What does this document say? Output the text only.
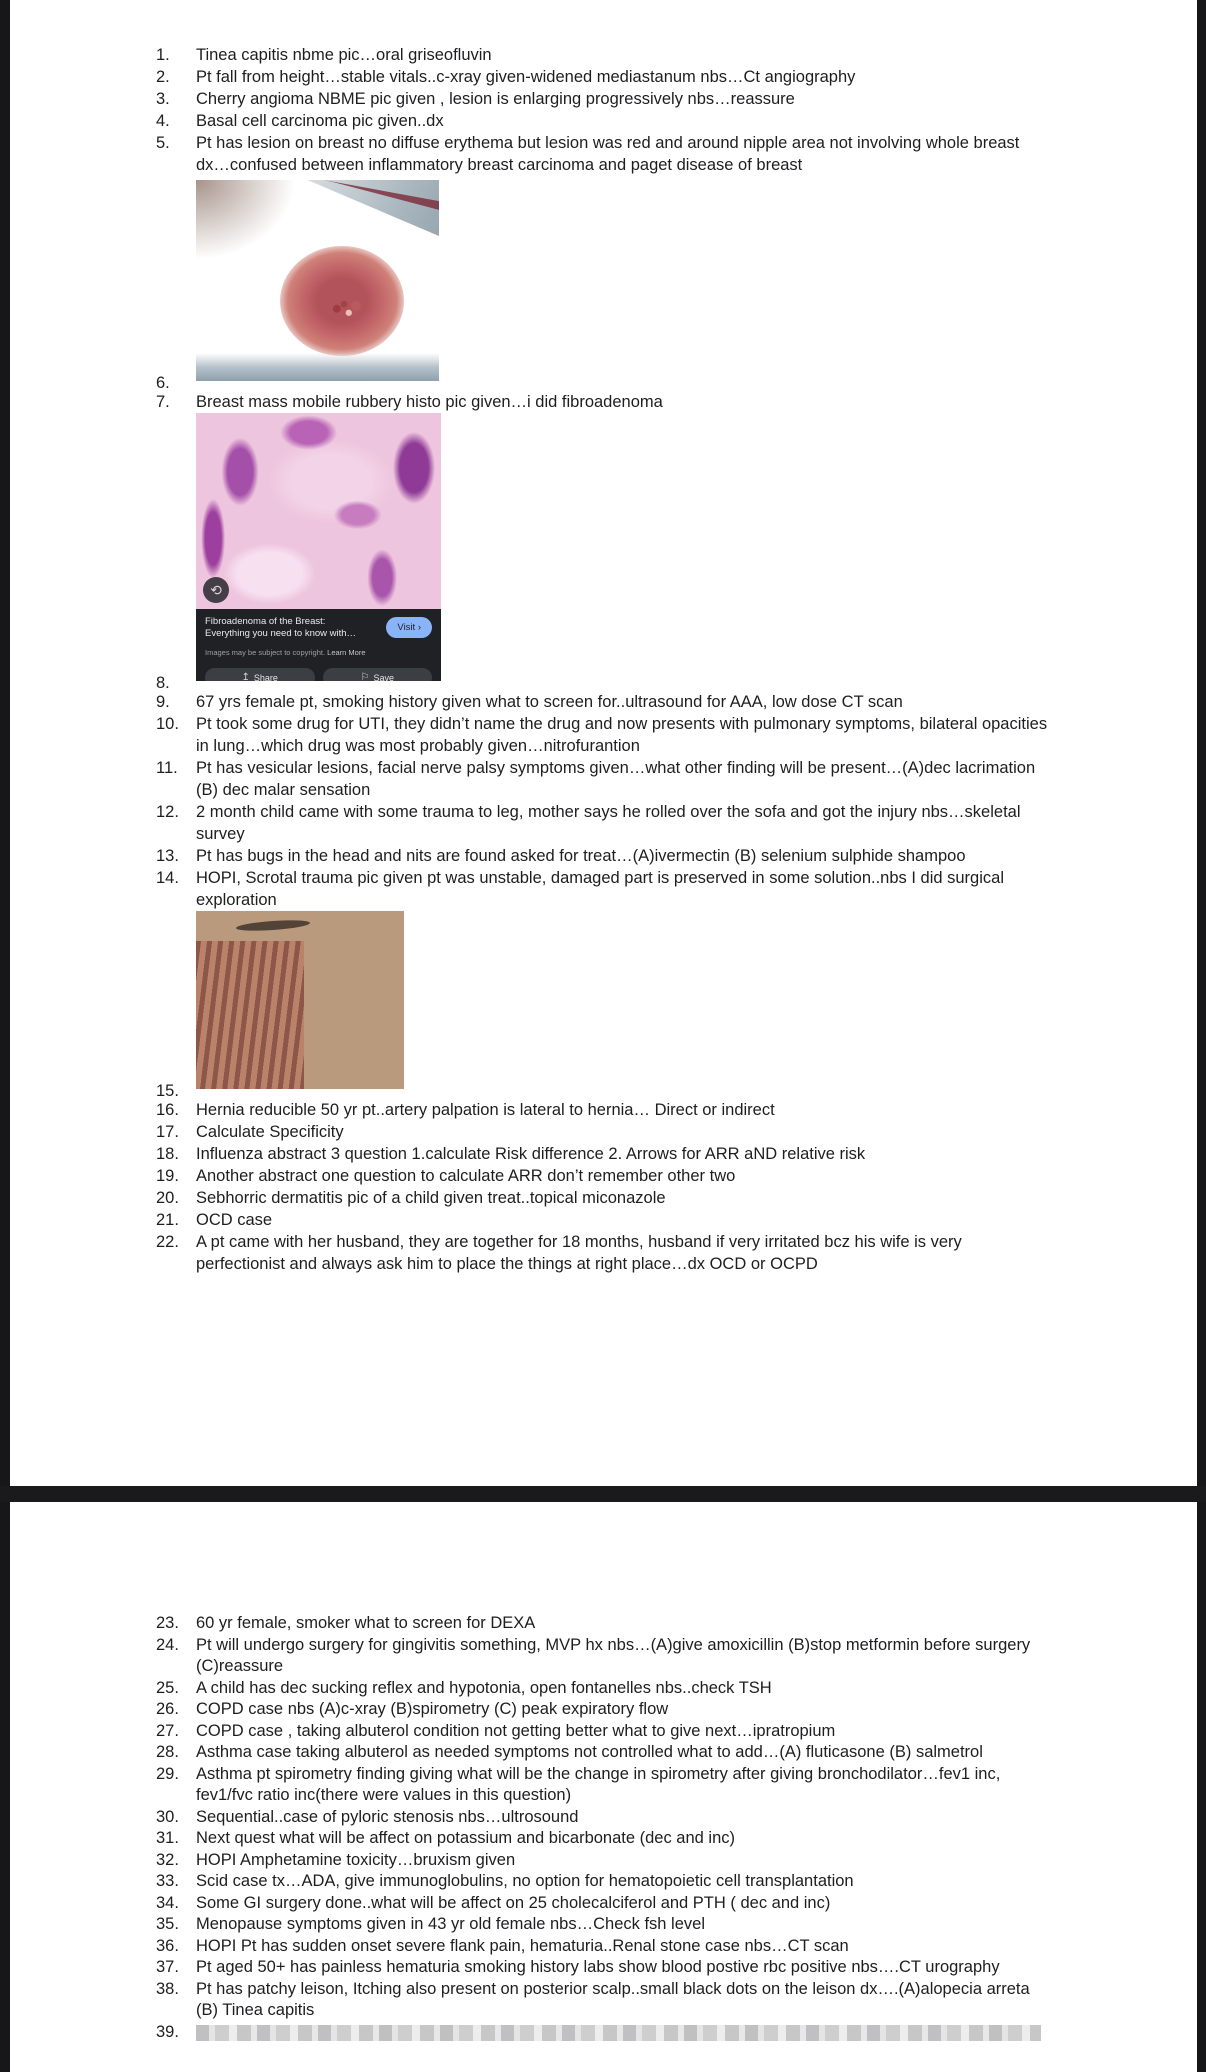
1.	Tinea capitis nbme pic…oral griseofluvin
2.	Pt fall from height…stable vitals..c-xray given-widened mediastanum nbs…Ct angiography
3.	Cherry angioma NBME pic given , lesion is enlarging progressively nbs…reassure
4.	Basal cell carcinoma pic given..dx
5.	Pt has lesion on breast no diffuse erythema but lesion was red and around nipple area not involving whole breast dx…confused between inflammatory breast carcinoma and paget disease of breast
6.
7.	Breast mass mobile rubbery histo pic given…i did fibroadenoma
8.
⟲
Fibroadenoma of the Breast:
Everything you need to know with…
Visit ›
Images may be subject to copyright. Learn More
↥ Share	⚐ Save
9.	67 yrs female pt, smoking history given what to screen for..ultrasound for AAA, low dose CT scan
10.	Pt took some drug for UTI, they didn’t name the drug and now presents with pulmonary symptoms, bilateral opacities in lung…which drug was most probably given…nitrofurantion
11.	Pt has vesicular lesions, facial nerve palsy symptoms given…what other finding will be present…(A)dec lacrimation (B) dec malar sensation
12.	2 month child came with some trauma to leg, mother says he rolled over the sofa and got the injury nbs…skeletal survey
13.	Pt has bugs in the head and nits are found asked for treat…(A)ivermectin (B) selenium sulphide shampoo
14.	HOPI, Scrotal trauma pic given pt was unstable, damaged part is preserved in some solution..nbs I did surgical exploration
15.
16.	Hernia reducible 50 yr pt..artery palpation is lateral to hernia… Direct or indirect
17.	Calculate Specificity
18.	Influenza abstract 3 question 1.calculate Risk difference 2. Arrows for ARR aND relative risk
19.	Another abstract one question to calculate ARR don’t remember other two
20.	Sebhorric dermatitis pic of a child given treat..topical miconazole
21.	OCD case
22.	A pt came with her husband, they are together for 18 months, husband if very irritated bcz his wife is very perfectionist and always ask him to place the things at right place…dx OCD or OCPD
23.	60 yr female, smoker what to screen for DEXA
24.	Pt will undergo surgery for gingivitis something, MVP hx nbs…(A)give amoxicillin (B)stop metformin before surgery (C)reassure
25.	A child has dec sucking reflex and hypotonia, open fontanelles nbs..check TSH
26.	COPD case nbs (A)c-xray (B)spirometry (C) peak expiratory flow
27.	COPD case , taking albuterol condition not getting better what to give next…ipratropium
28.	Asthma case taking albuterol as needed symptoms not controlled what to add…(A) fluticasone (B) salmetrol
29.	Asthma pt spirometry finding giving what will be the change in spirometry after giving bronchodilator…fev1 inc, fev1/fvc ratio inc(there were values in this question)
30.	Sequential..case of pyloric stenosis nbs…ultrosound
31.	Next quest what will be affect on potassium and bicarbonate (dec and inc)
32.	HOPI Amphetamine toxicity…bruxism given
33.	Scid case tx…ADA, give immunoglobulins, no option for hematopoietic cell transplantation
34.	Some GI surgery done..what will be affect on 25 cholecalciferol and PTH ( dec and inc)
35.	Menopause symptoms given in 43 yr old female nbs…Check fsh level
36.	HOPI Pt has sudden onset severe flank pain, hematuria..Renal stone case nbs…CT scan
37.	Pt aged 50+ has painless hematuria smoking history labs show blood postive rbc positive nbs….CT urography
38.	Pt has patchy leison, Itching also present on posterior scalp..small black dots on the leison dx….(A)alopecia arreta (B) Tinea capitis
39.
